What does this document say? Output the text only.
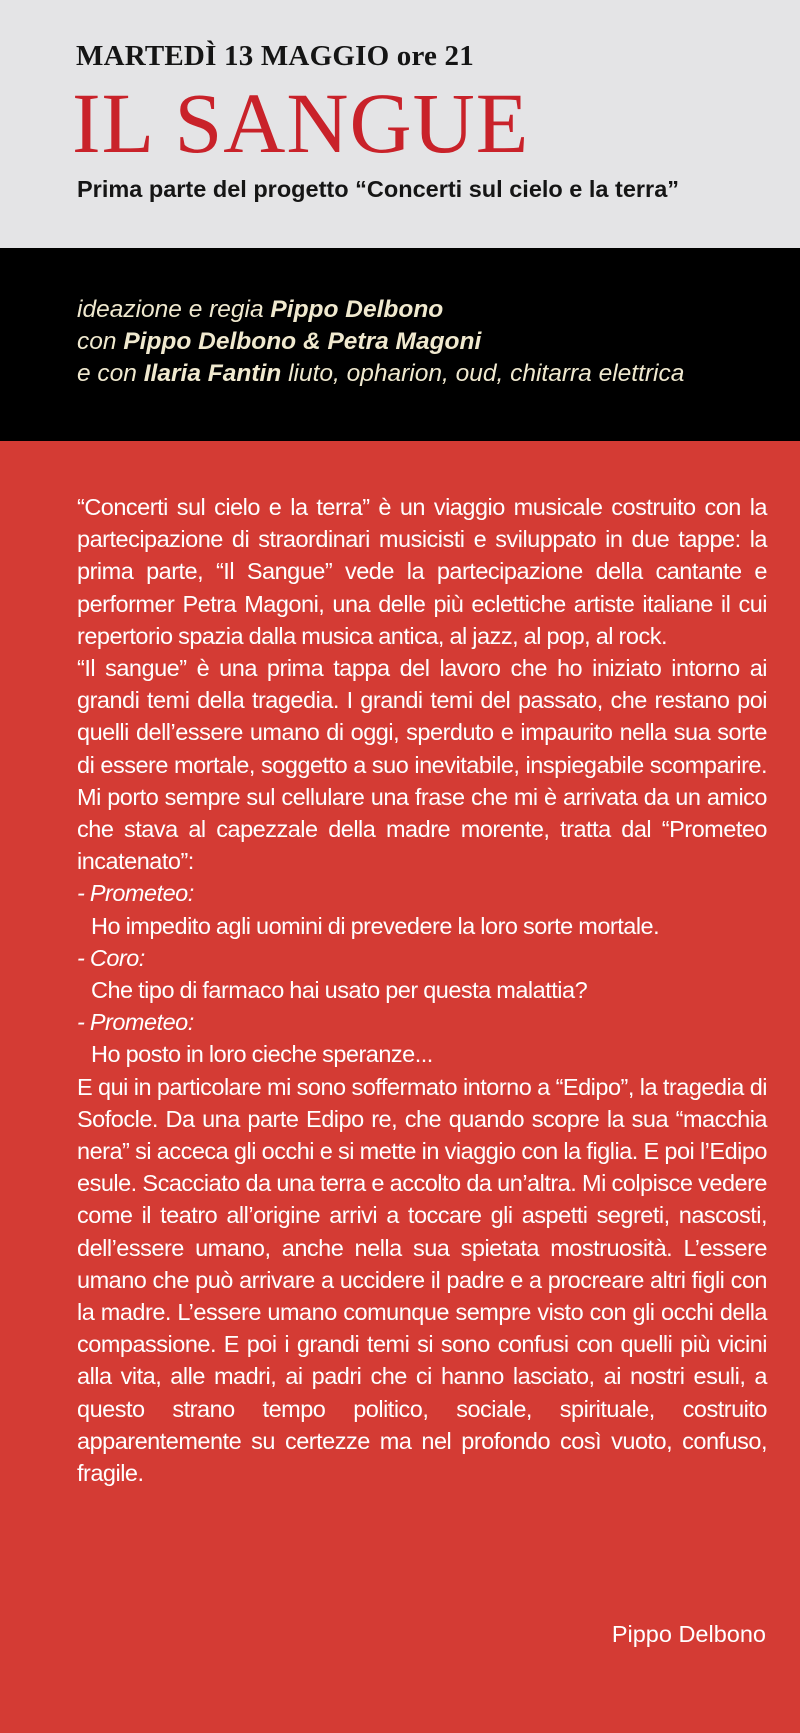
MARTEDÌ 13 MAGGIO ore 21
IL SANGUE
Prima parte del progetto “Concerti sul cielo e la terra”
ideazione e regia Pippo Delbono
con Pippo Delbono & Petra Magoni
e con Ilaria Fantin liuto, opharion, oud, chitarra elettrica
“Concerti sul cielo e la terra” è un viaggio musicale costruito con la partecipazione di straordinari musicisti e sviluppato in due tappe: la prima parte, “Il Sangue” vede la partecipazione della cantante e performer Petra Magoni, una delle più eclettiche artiste italiane il cui repertorio spazia dalla musica antica, al jazz, al pop, al rock.
“Il sangue” è una prima tappa del lavoro che ho iniziato intorno ai grandi temi della tragedia. I grandi temi del passato, che restano poi quelli dell’essere umano di oggi, sperduto e impaurito nella sua sorte di essere mortale, soggetto a suo inevitabile, inspiegabile scomparire. Mi porto sempre sul cellulare una frase che mi è arrivata da un amico che stava al capezzale della madre morente, tratta dal “Prometeo incatenato”:
- Prometeo:
Ho impedito agli uomini di prevedere la loro sorte mortale.
- Coro:
Che tipo di farmaco hai usato per questa malattia?
- Prometeo:
Ho posto in loro cieche speranze...
E qui in particolare mi sono soffermato intorno a “Edipo”, la tragedia di Sofocle. Da una parte Edipo re, che quando scopre la sua “macchia nera” si acceca gli occhi e si mette in viaggio con la figlia. E poi l’Edipo esule. Scacciato da una terra e accolto da un’altra. Mi colpisce vedere come il teatro all’origine arrivi a toccare gli aspetti segreti, nascosti, dell’essere umano, anche nella sua spietata mostruosità. L’essere umano che può arrivare a uccidere il padre e a procreare altri figli con la madre. L’essere umano comunque sempre visto con gli occhi della compassione. E poi i grandi temi si sono confusi con quelli più vicini alla vita, alle madri, ai padri che ci hanno lasciato, ai nostri esuli, a questo strano tempo politico, sociale, spirituale, costruito apparentemente su certezze ma nel profondo così vuoto, confuso, fragile.
Pippo Delbono
